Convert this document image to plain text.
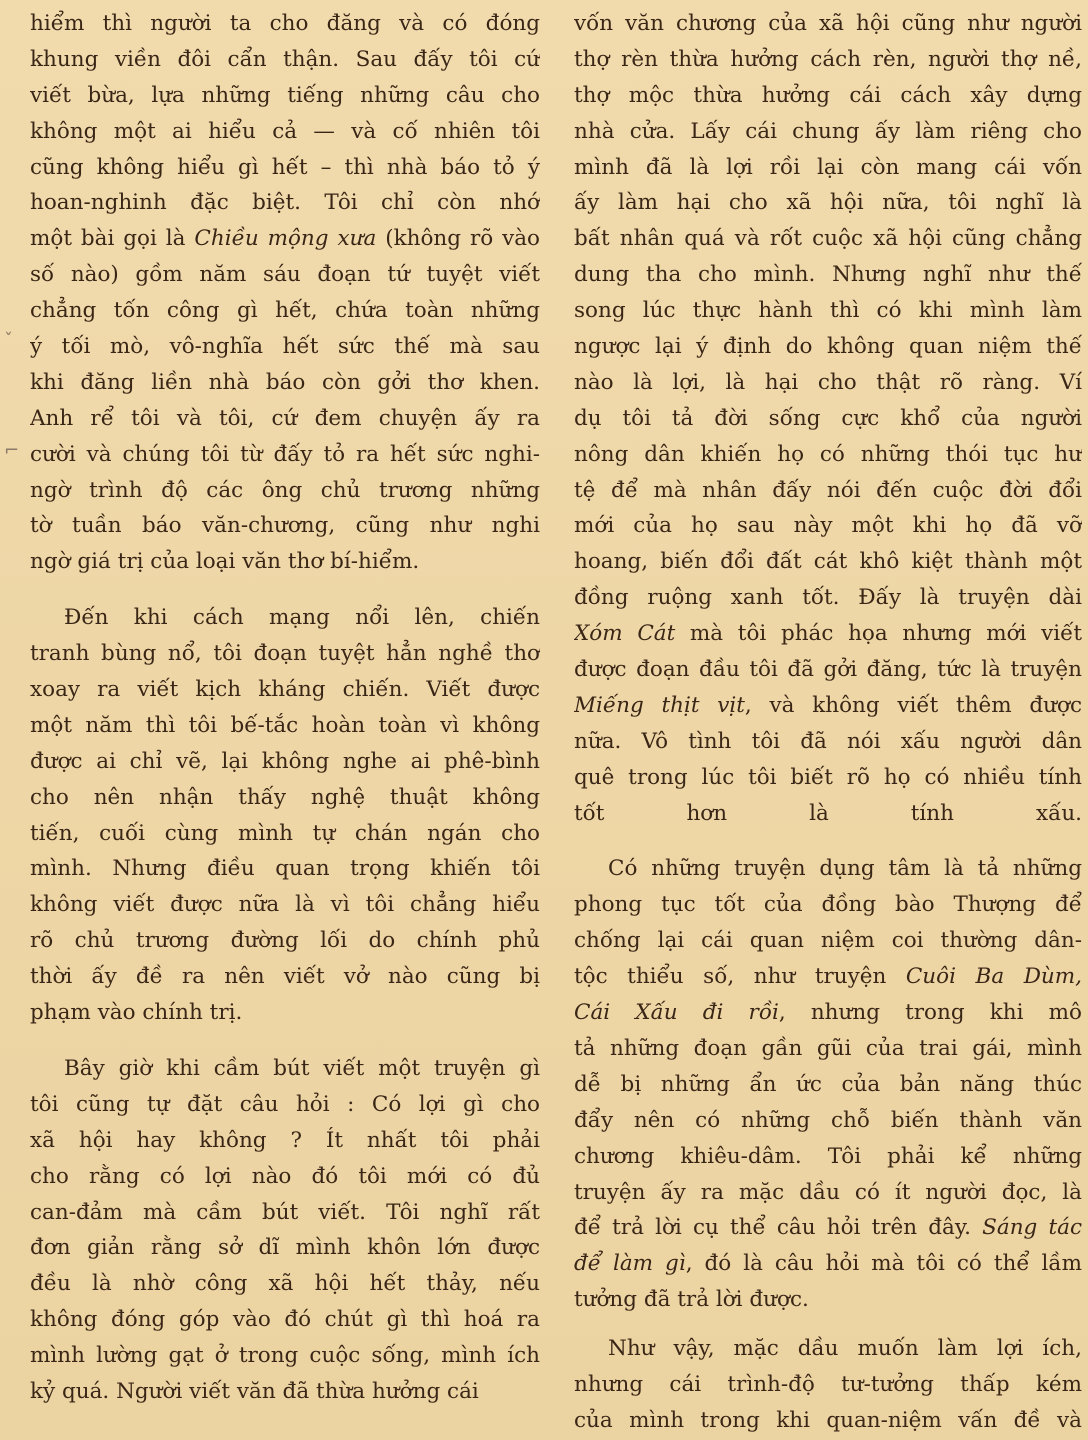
ˇ
⌐
hiểm thì người ta cho đăng và có đóng
khung viền đôi cẩn thận. Sau đấy tôi cứ
viết bừa, lựa những tiếng những câu cho
không một ai hiểu cả — và cố nhiên tôi
cũng không hiểu gì hết – thì nhà báo tỏ ý
hoan-nghinh đặc biệt. Tôi chỉ còn nhớ
một bài gọi là Chiều mộng xưa (không rõ vào
số nào) gồm năm sáu đoạn tứ tuyệt viết
chẳng tốn công gì hết, chứa toàn những
ý tối mò, vô-nghĩa hết sức thế mà sau
khi đăng liền nhà báo còn gởi thơ khen.
Anh rể tôi và tôi, cứ đem chuyện ấy ra
cười và chúng tôi từ đấy tỏ ra hết sức nghi-
ngờ trình độ các ông chủ trương những
tờ tuần báo văn-chương, cũng như nghi
ngờ giá trị của loại văn thơ bí-hiểm.
Đến khi cách mạng nổi lên, chiến
tranh bùng nổ, tôi đoạn tuyệt hẳn nghề thơ
xoay ra viết kịch kháng chiến. Viết được
một năm thì tôi bế-tắc hoàn toàn vì không
được ai chỉ vẽ, lại không nghe ai phê-bình
cho nên nhận thấy nghệ thuật không
tiến, cuối cùng mình tự chán ngán cho
mình. Nhưng điều quan trọng khiến tôi
không viết được nữa là vì tôi chẳng hiểu
rõ chủ trương đường lối do chính phủ
thời ấy đề ra nên viết vở nào cũng bị
phạm vào chính trị.
Bây giờ khi cầm bút viết một truyện gì
tôi cũng tự đặt câu hỏi : Có lợi gì cho
xã hội hay không ? Ít nhất tôi phải
cho rằng có lợi nào đó tôi mới có đủ
can-đảm mà cầm bút viết. Tôi nghĩ rất
đơn giản rằng sở dĩ mình khôn lớn được
đều là nhờ công xã hội hết thảy, nếu
không đóng góp vào đó chút gì thì hoá ra
mình lường gạt ở trong cuộc sống, mình ích
kỷ quá. Người viết văn đã thừa hưởng cái
vốn văn chương của xã hội cũng như người
thợ rèn thừa hưởng cách rèn, người thợ nề,
thợ mộc thừa hưởng cái cách xây dựng
nhà cửa. Lấy cái chung ấy làm riêng cho
mình đã là lợi rồi lại còn mang cái vốn
ấy làm hại cho xã hội nữa, tôi nghĩ là
bất nhân quá và rốt cuộc xã hội cũng chẳng
dung tha cho mình. Nhưng nghĩ như thế
song lúc thực hành thì có khi mình làm
ngược lại ý định do không quan niệm thế
nào là lợi, là hại cho thật rõ ràng. Ví
dụ tôi tả đời sống cực khổ của người
nông dân khiến họ có những thói tục hư
tệ để mà nhân đấy nói đến cuộc đời đổi
mới của họ sau này một khi họ đã vỡ
hoang, biến đổi đất cát khô kiệt thành một
đồng ruộng xanh tốt. Đấy là truyện dài
Xóm Cát mà tôi phác họa nhưng mới viết
được đoạn đầu tôi đã gởi đăng, tức là truyện
Miếng thịt vịt, và không viết thêm được
nữa. Vô tình tôi đã nói xấu người dân
quê trong lúc tôi biết rõ họ có nhiều tính
tốt hơn là tính xấu.
Có những truyện dụng tâm là tả những
phong tục tốt của đồng bào Thượng để
chống lại cái quan niệm coi thường dân-
tộc thiểu số, như truyện Cuôi Ba Dùm,
Cái Xấu đi rồi, nhưng trong khi mô
tả những đoạn gần gũi của trai gái, mình
dễ bị những ẩn ức của bản năng thúc
đẩy nên có những chỗ biến thành văn
chương khiêu-dâm. Tôi phải kể những
truyện ấy ra mặc dầu có ít người đọc, là
để trả lời cụ thể câu hỏi trên đây. Sáng tác
để làm gì, đó là câu hỏi mà tôi có thể lầm
tưởng đã trả lời được.
Như vậy, mặc dầu muốn làm lợi ích,
nhưng cái trình-độ tư-tưởng thấp kém
của mình trong khi quan-niệm vấn đề và
